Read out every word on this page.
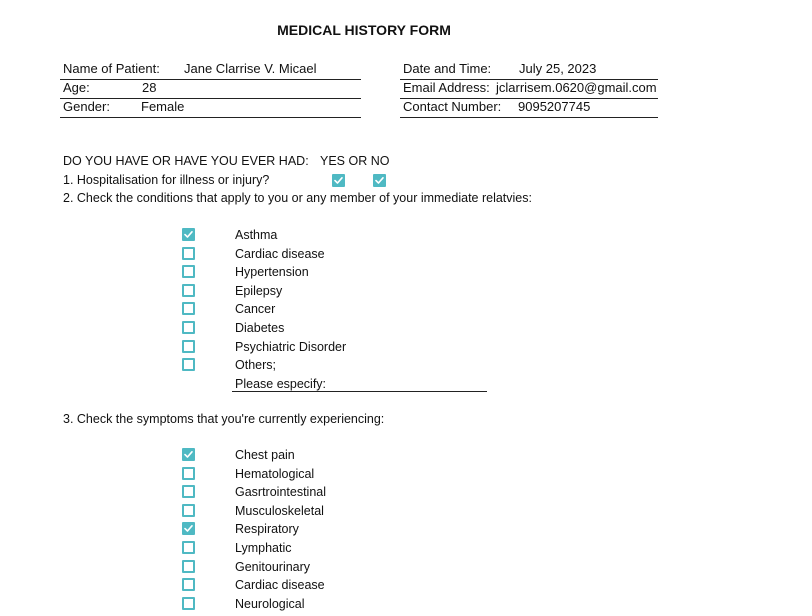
MEDICAL HISTORY FORM
Name of Patient: Jane Clarrise V. Micael
Age:	28
Gender: Female
Date and Time: July 25, 2023
Email Address: jclarrisem.0620@gmail.com
Contact Number: 9095207745
DO YOU HAVE OR HAVE YOU EVER HAD: YES OR NO
1. Hospitalisation for illness or injury?
2. Check the conditions that apply to you or any member of your immediate relatvies:
Asthma
Cardiac disease
Hypertension
Epilepsy
Cancer
Diabetes
Psychiatric Disorder
Others;
Please especify:
3. Check the symptoms that you're currently experiencing:
Chest pain
Hematological
Gasrtrointestinal
Musculoskeletal
Respiratory
Lymphatic
Genitourinary
Cardiac disease
Neurological
